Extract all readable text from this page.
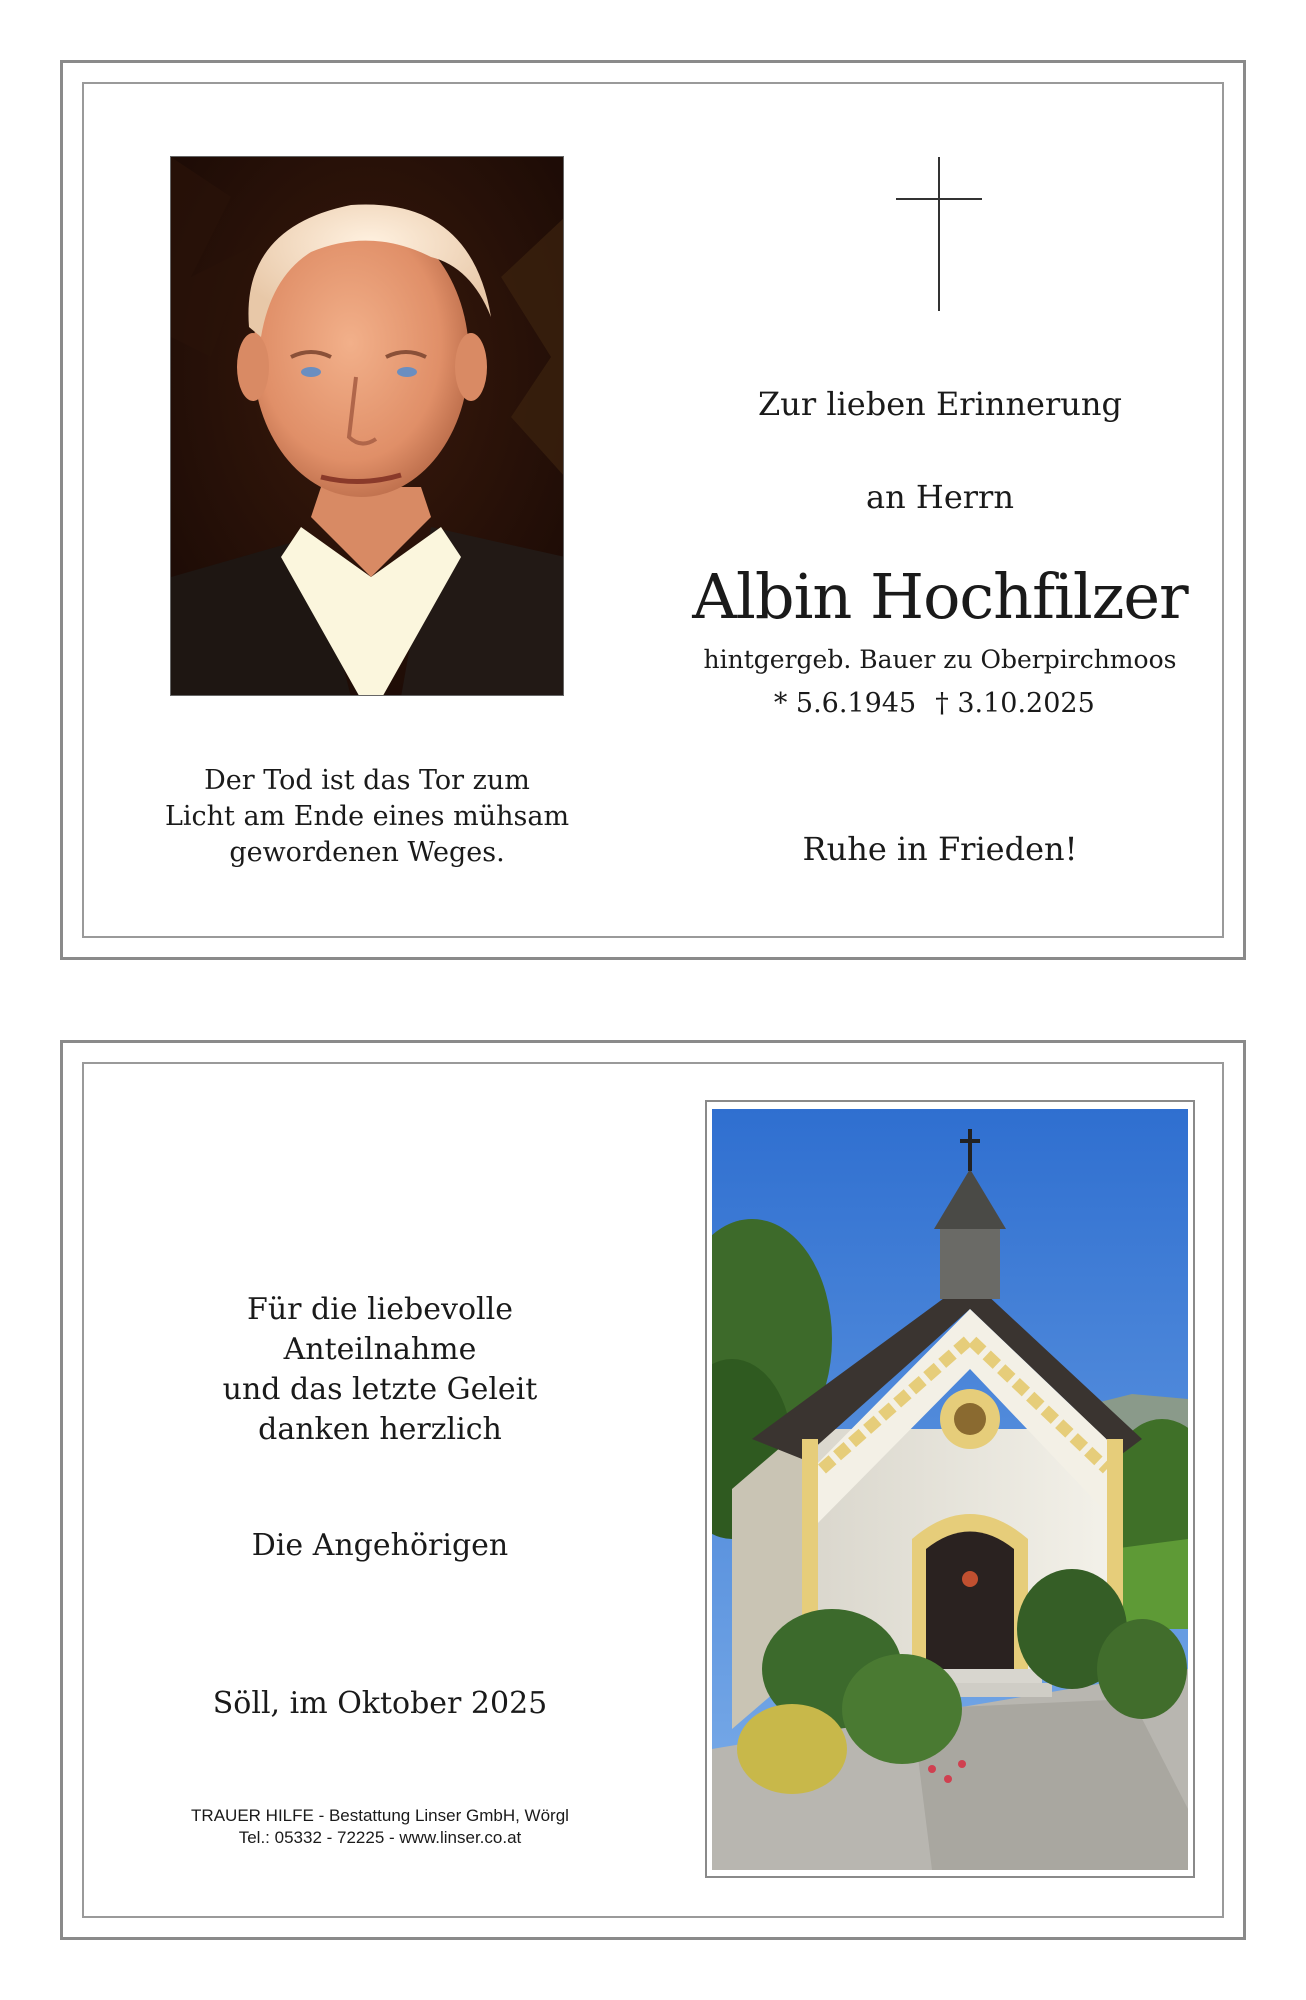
Zur lieben Erinnerung
an Herrn
Albin Hochfilzer
hintgergeb. Bauer zu Oberpirchmoos
* 5.6.1945 † 3.10.2025
Ruhe in Frieden!
Der Tod ist das Tor zum
Licht am Ende eines mühsam
gewordenen Weges.
Für die liebevolle
Anteilnahme
und das letzte Geleit
danken herzlich
Die Angehörigen
Söll, im Oktober 2025
TRAUER HILFE - Bestattung Linser GmbH, Wörgl
Tel.: 05332 - 72225 - www.linser.co.at
